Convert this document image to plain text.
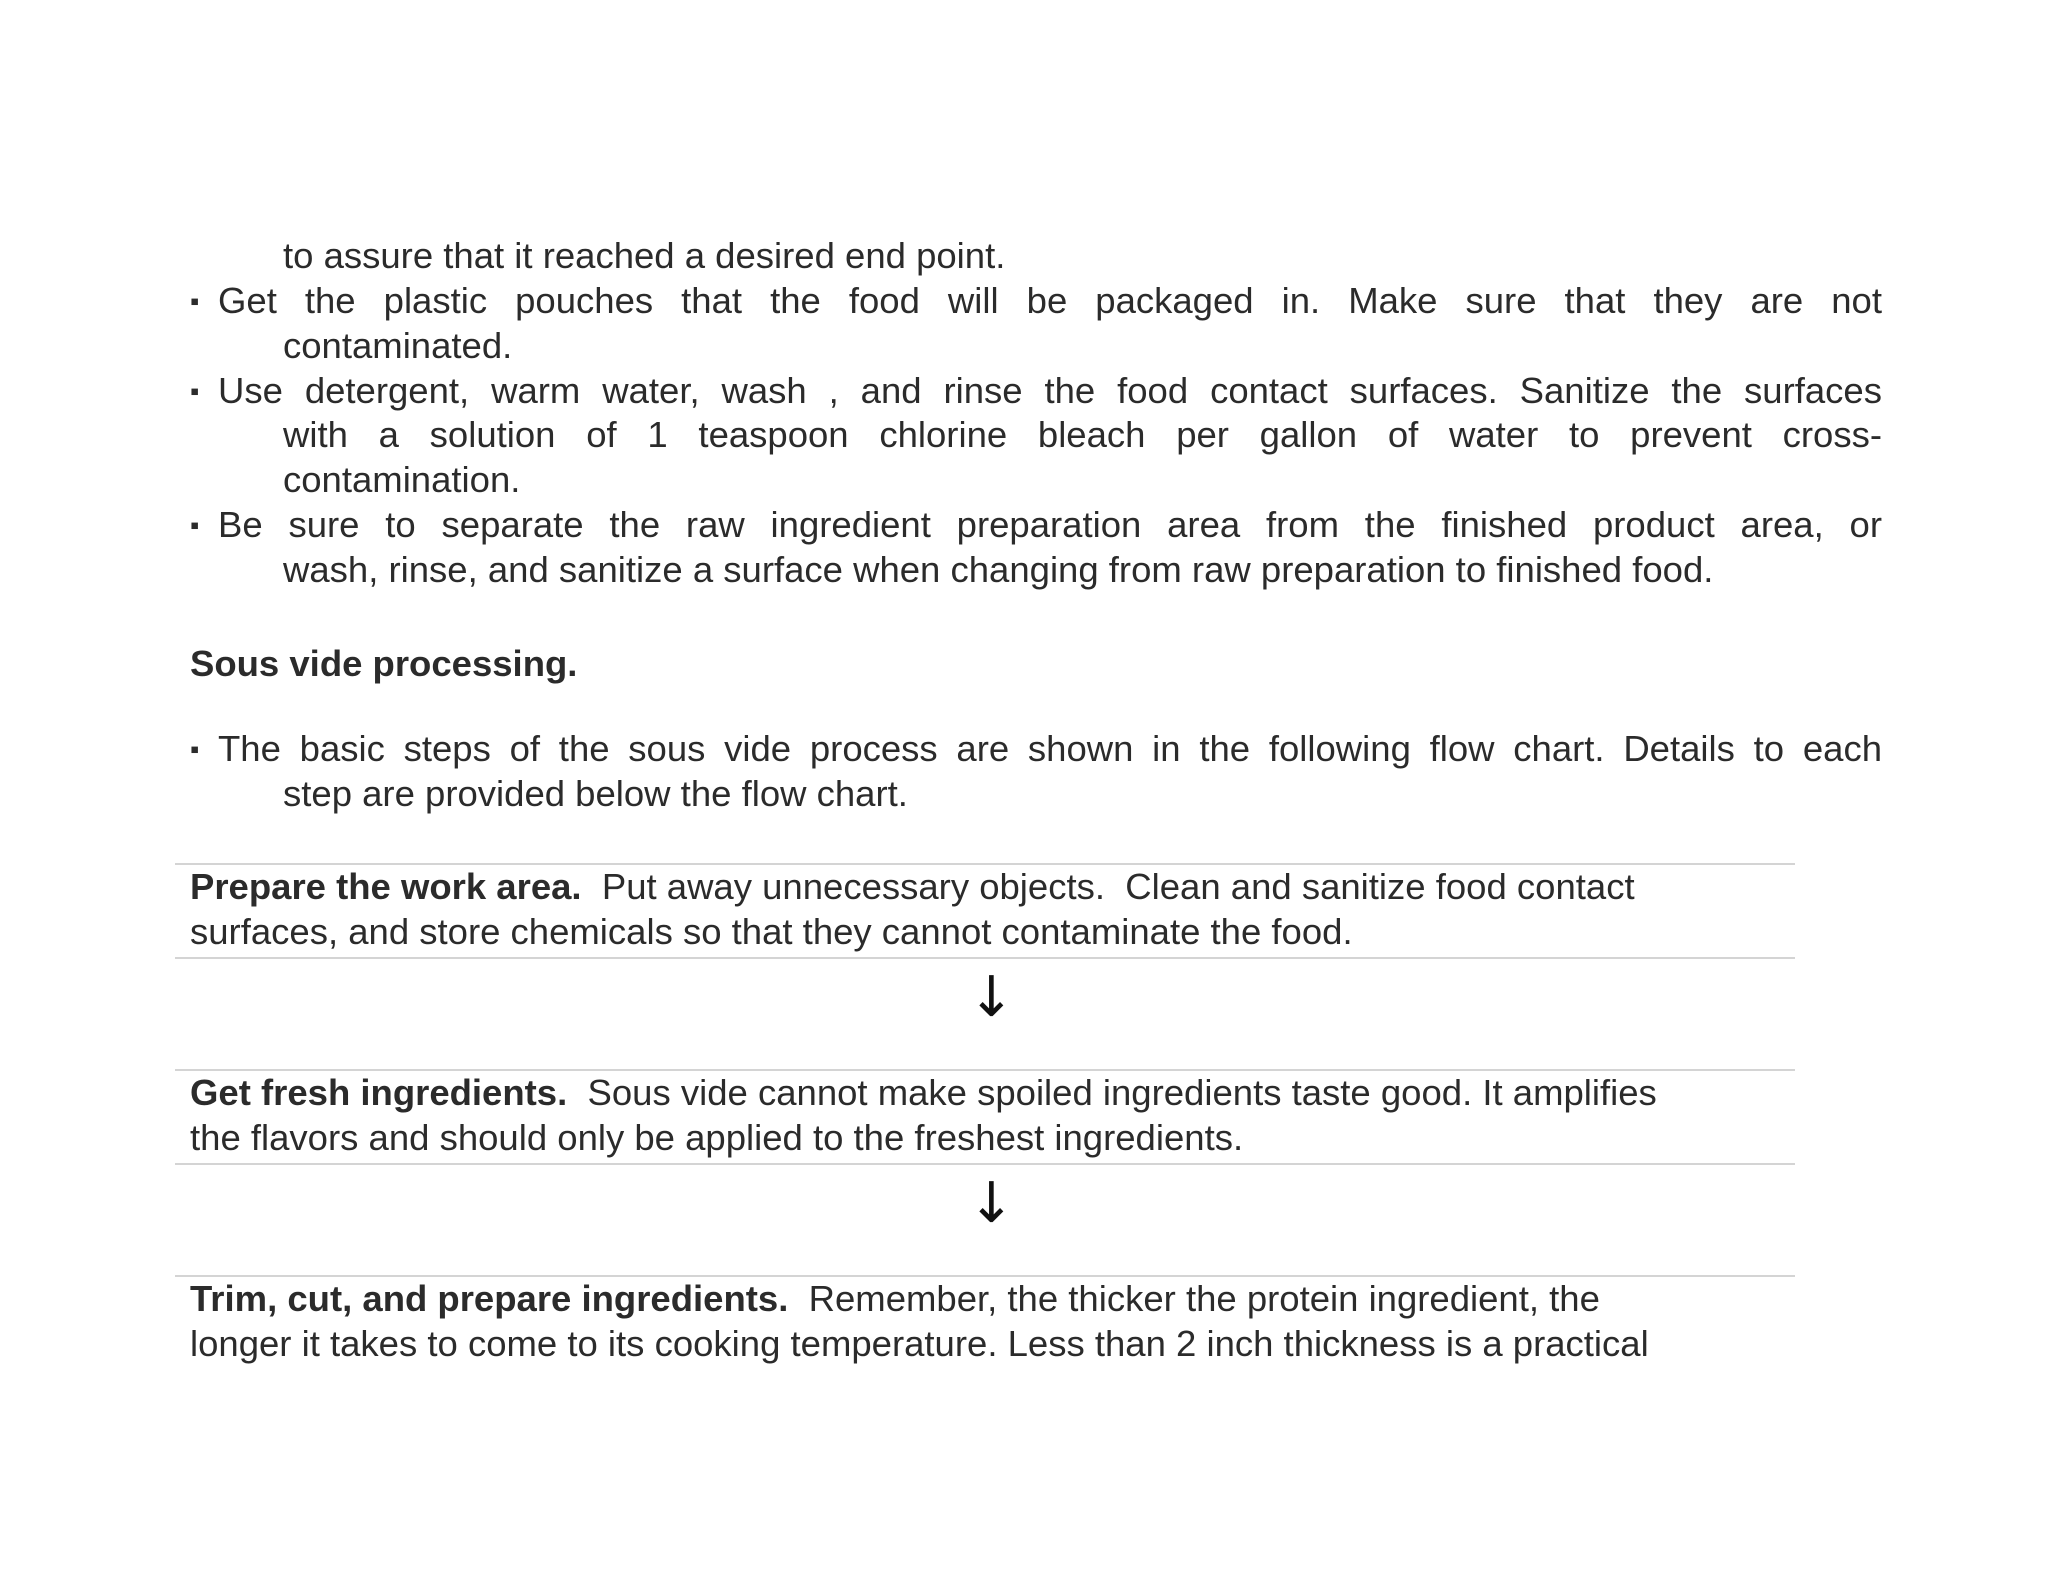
to assure that it reached a desired end point.
▪ Get the plastic pouches that the food will be packaged in. Make sure that they are not
contaminated.
▪ Use detergent, warm water, wash , and rinse the food contact surfaces. Sanitize the surfaces
with a solution of 1 teaspoon chlorine bleach per gallon of water to prevent cross-
contamination.
▪ Be sure to separate the raw ingredient preparation area from the finished product area, or
wash, rinse, and sanitize a surface when changing from raw preparation to finished food.
Sous vide processing.
▪ The basic steps of the sous vide process are shown in the following flow chart. Details to each
step are provided below the flow chart.
Prepare the work area.  Put away unnecessary objects.  Clean and sanitize food contact
surfaces, and store chemicals so that they cannot contaminate the food.
↓
Get fresh ingredients.  Sous vide cannot make spoiled ingredients taste good. It amplifies
the flavors and should only be applied to the freshest ingredients.
↓
Trim, cut, and prepare ingredients.  Remember, the thicker the protein ingredient, the
longer it takes to come to its cooking temperature. Less than 2 inch thickness is a practical
